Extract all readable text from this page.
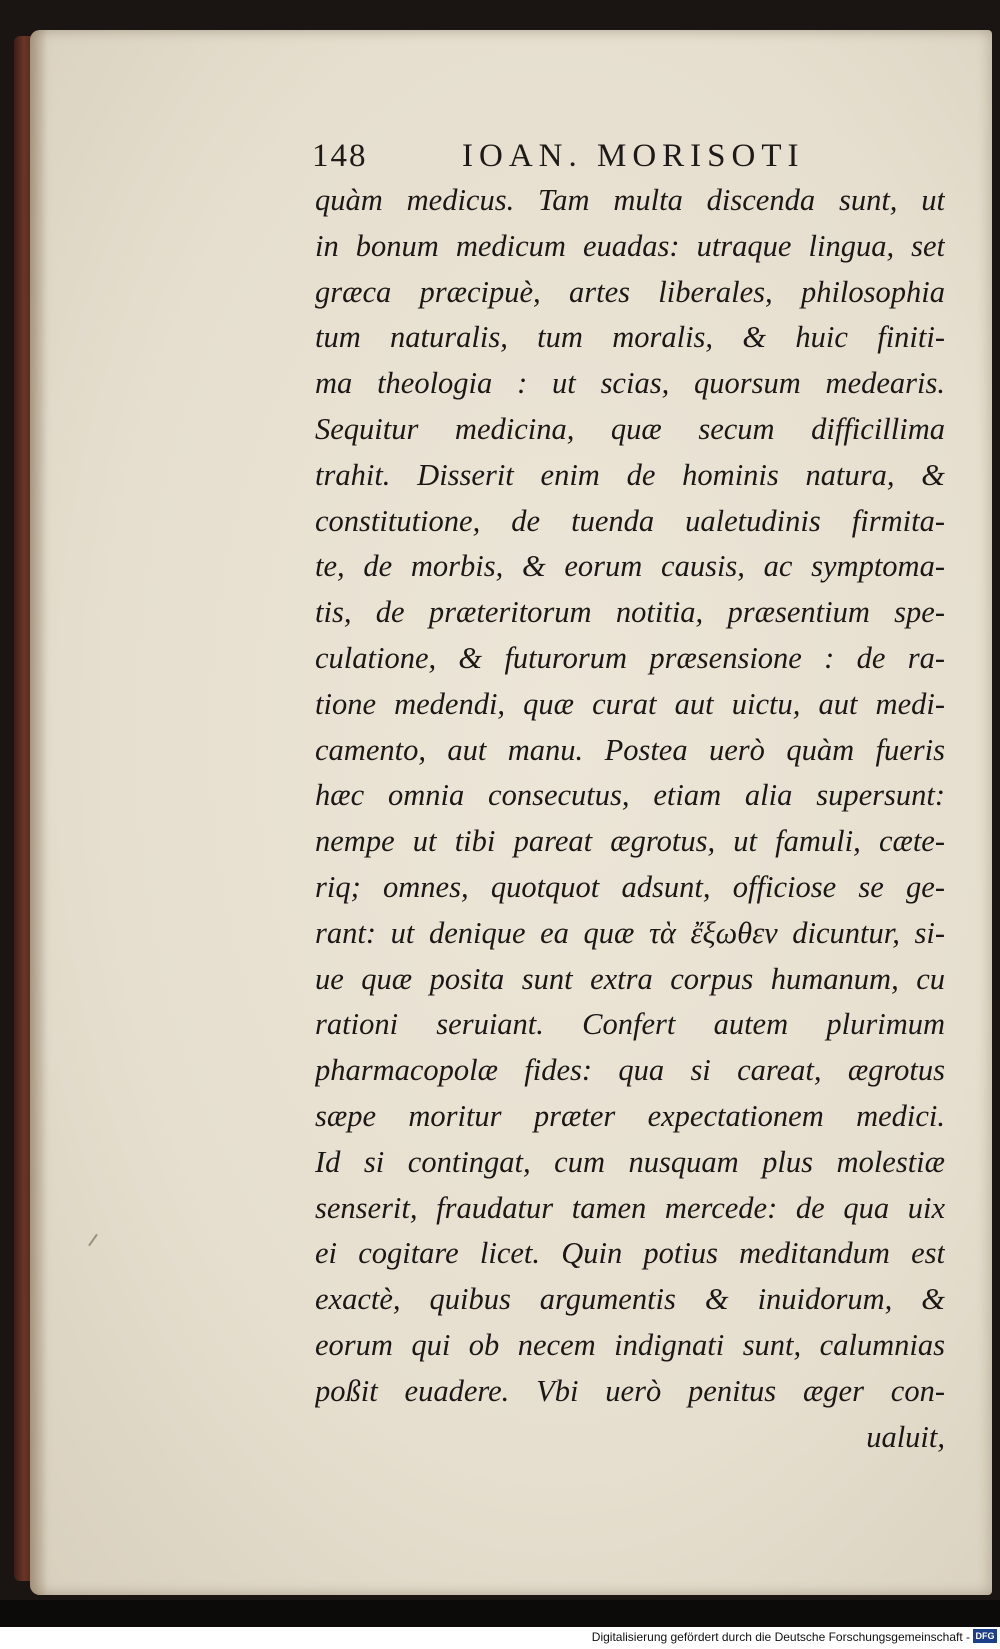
148	IOAN. MORISOTI
quàm medicus. Tam multa discenda sunt, ut
in bonum medicum euadas: utraque lingua, set
græca præcipuè, artes liberales, philosophia
tum naturalis, tum moralis, & huic finiti-
ma theologia : ut scias, quorsum medearis.
Sequitur medicina, quæ secum difficillima
trahit. Disserit enim de hominis natura, &
constitutione, de tuenda ualetudinis firmita-
te, de morbis, & eorum causis, ac symptoma-
tis, de præteritorum notitia, præsentium spe-
culatione, & futurorum præsensione : de ra-
tione medendi, quæ curat aut uictu, aut medi-
camento, aut manu. Postea uerò quàm fueris
hæc omnia consecutus, etiam alia supersunt:
nempe ut tibi pareat ægrotus, ut famuli, cæte-
riq; omnes, quotquot adsunt, officiose se ge-
rant: ut denique ea quæ τὰ ἔξωθεν dicuntur, si-
ue quæ posita sunt extra corpus humanum, cu
rationi seruiant. Confert autem plurimum
pharmacopolæ fides: qua si careat, ægrotus
sæpe moritur præter expectationem medici.
Id si contingat, cum nusquam plus molestiæ
senserit, fraudatur tamen mercede: de qua uix
ei cogitare licet. Quin potius meditandum est
exactè, quibus argumentis & inuidorum, &
eorum qui ob necem indignati sunt, calumnias
poßit euadere. Vbi uerò penitus æger con-
ualuit,
Digitalisierung gefördert durch die Deutsche Forschungsgemeinschaft - DFG
